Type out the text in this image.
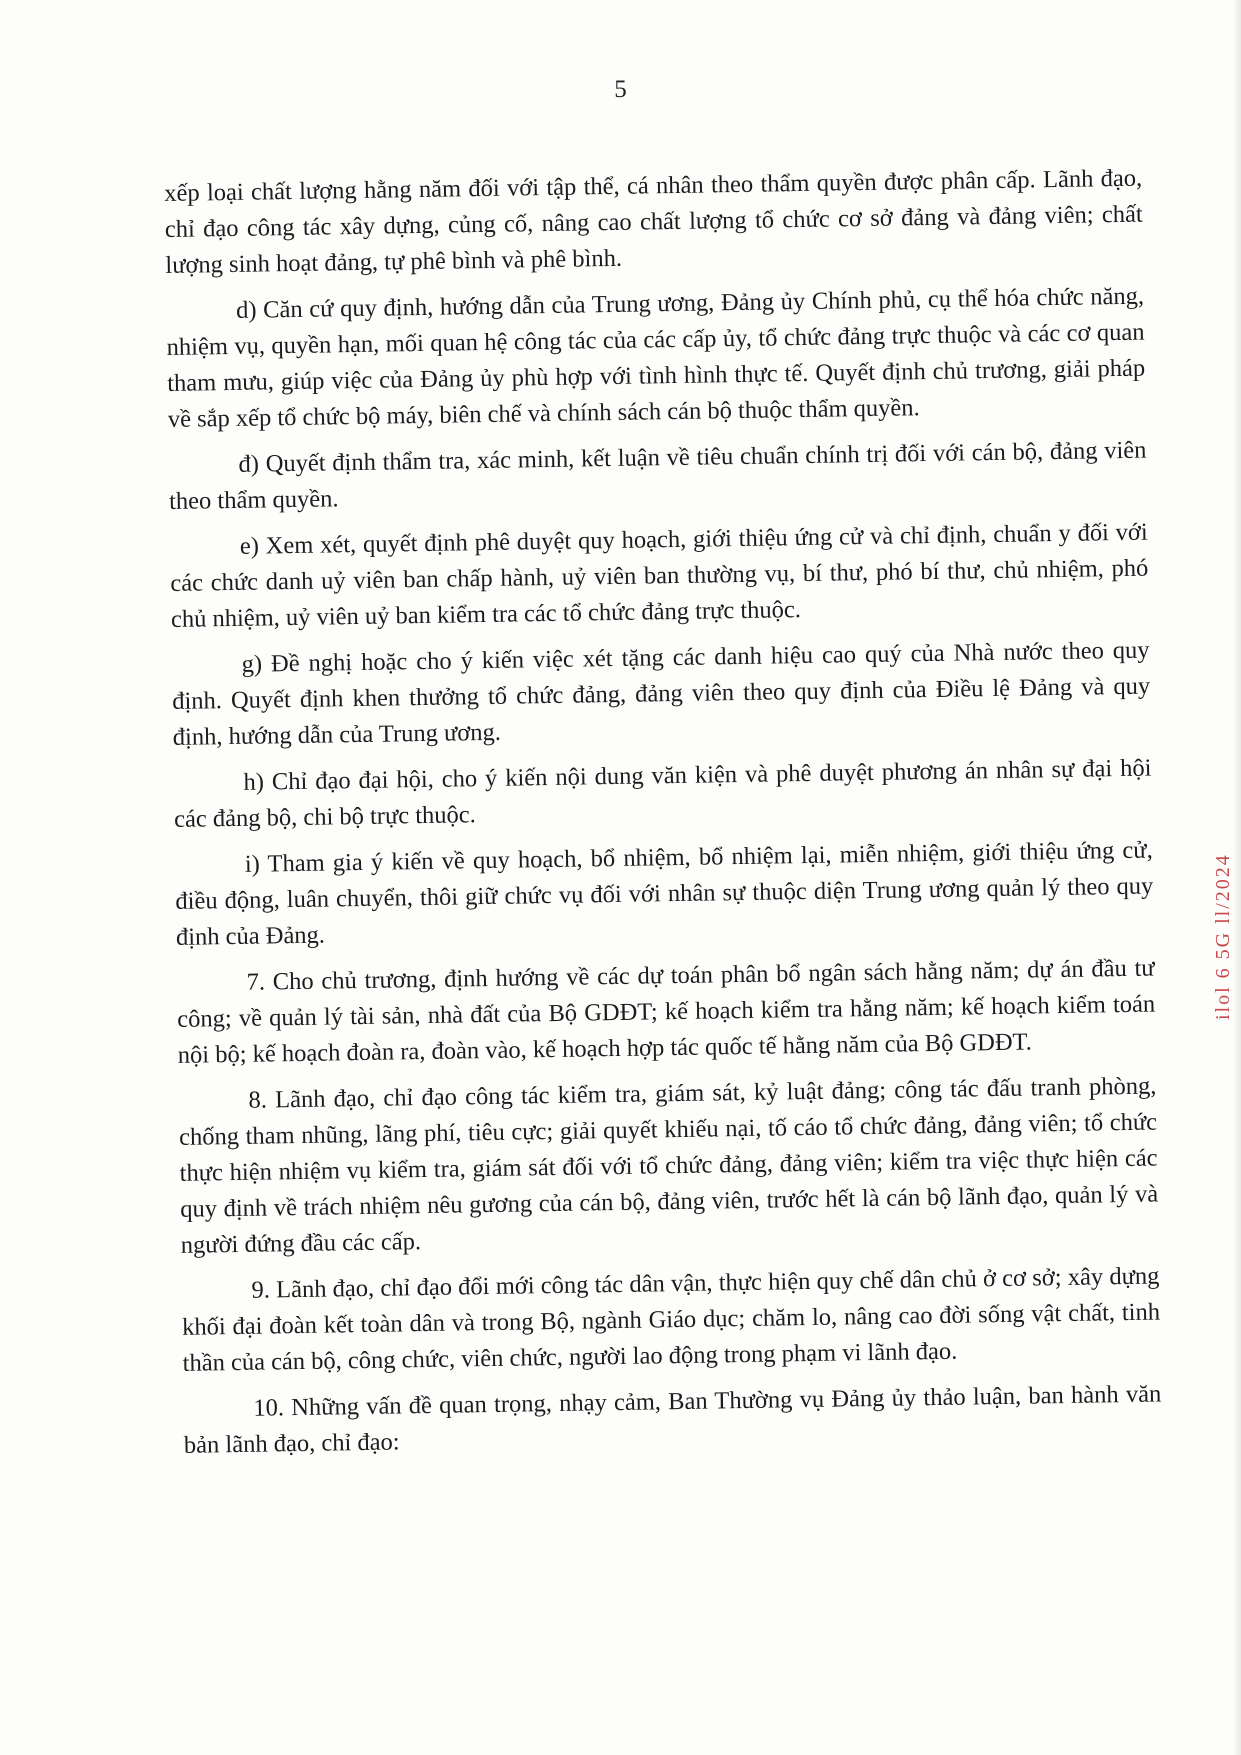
5

xếp loại chất lượng hằng năm đối với tập thể, cá nhân theo thẩm quyền được phân cấp. Lãnh đạo, chỉ đạo công tác xây dựng, củng cố, nâng cao chất lượng tổ chức cơ sở đảng và đảng viên; chất lượng sinh hoạt đảng, tự phê bình và phê bình.

d) Căn cứ quy định, hướng dẫn của Trung ương, Đảng ủy Chính phủ, cụ thể hóa chức năng, nhiệm vụ, quyền hạn, mối quan hệ công tác của các cấp ủy, tổ chức đảng trực thuộc và các cơ quan tham mưu, giúp việc của Đảng ủy phù hợp với tình hình thực tế. Quyết định chủ trương, giải pháp về sắp xếp tổ chức bộ máy, biên chế và chính sách cán bộ thuộc thẩm quyền.

đ) Quyết định thẩm tra, xác minh, kết luận về tiêu chuẩn chính trị đối với cán bộ, đảng viên theo thẩm quyền.

e) Xem xét, quyết định phê duyệt quy hoạch, giới thiệu ứng cử và chỉ định, chuẩn y đối với các chức danh uỷ viên ban chấp hành, uỷ viên ban thường vụ, bí thư, phó bí thư, chủ nhiệm, phó chủ nhiệm, uỷ viên uỷ ban kiểm tra các tổ chức đảng trực thuộc.

g) Đề nghị hoặc cho ý kiến việc xét tặng các danh hiệu cao quý của Nhà nước theo quy định. Quyết định khen thưởng tổ chức đảng, đảng viên theo quy định của Điều lệ Đảng và quy định, hướng dẫn của Trung ương.

h) Chỉ đạo đại hội, cho ý kiến nội dung văn kiện và phê duyệt phương án nhân sự đại hội các đảng bộ, chi bộ trực thuộc.

i) Tham gia ý kiến về quy hoạch, bổ nhiệm, bổ nhiệm lại, miễn nhiệm, giới thiệu ứng cử, điều động, luân chuyển, thôi giữ chức vụ đối với nhân sự thuộc diện Trung ương quản lý theo quy định của Đảng.

7. Cho chủ trương, định hướng về các dự toán phân bổ ngân sách hằng năm; dự án đầu tư công; về quản lý tài sản, nhà đất của Bộ GDĐT; kế hoạch kiểm tra hằng năm; kế hoạch kiểm toán nội bộ; kế hoạch đoàn ra, đoàn vào, kế hoạch hợp tác quốc tế hằng năm của Bộ GDĐT.

8. Lãnh đạo, chỉ đạo công tác kiểm tra, giám sát, kỷ luật đảng; công tác đấu tranh phòng, chống tham nhũng, lãng phí, tiêu cực; giải quyết khiếu nại, tố cáo tổ chức đảng, đảng viên; tổ chức thực hiện nhiệm vụ kiểm tra, giám sát đối với tổ chức đảng, đảng viên; kiểm tra việc thực hiện các quy định về trách nhiệm nêu gương của cán bộ, đảng viên, trước hết là cán bộ lãnh đạo, quản lý và người đứng đầu các cấp.

9. Lãnh đạo, chỉ đạo đổi mới công tác dân vận, thực hiện quy chế dân chủ ở cơ sở; xây dựng khối đại đoàn kết toàn dân và trong Bộ, ngành Giáo dục; chăm lo, nâng cao đời sống vật chất, tinh thần của cán bộ, công chức, viên chức, người lao động trong phạm vi lãnh đạo.

10. Những vấn đề quan trọng, nhạy cảm, Ban Thường vụ Đảng ủy thảo luận, ban hành văn bản lãnh đạo, chỉ đạo:

ilol 6 5G ll/2024
